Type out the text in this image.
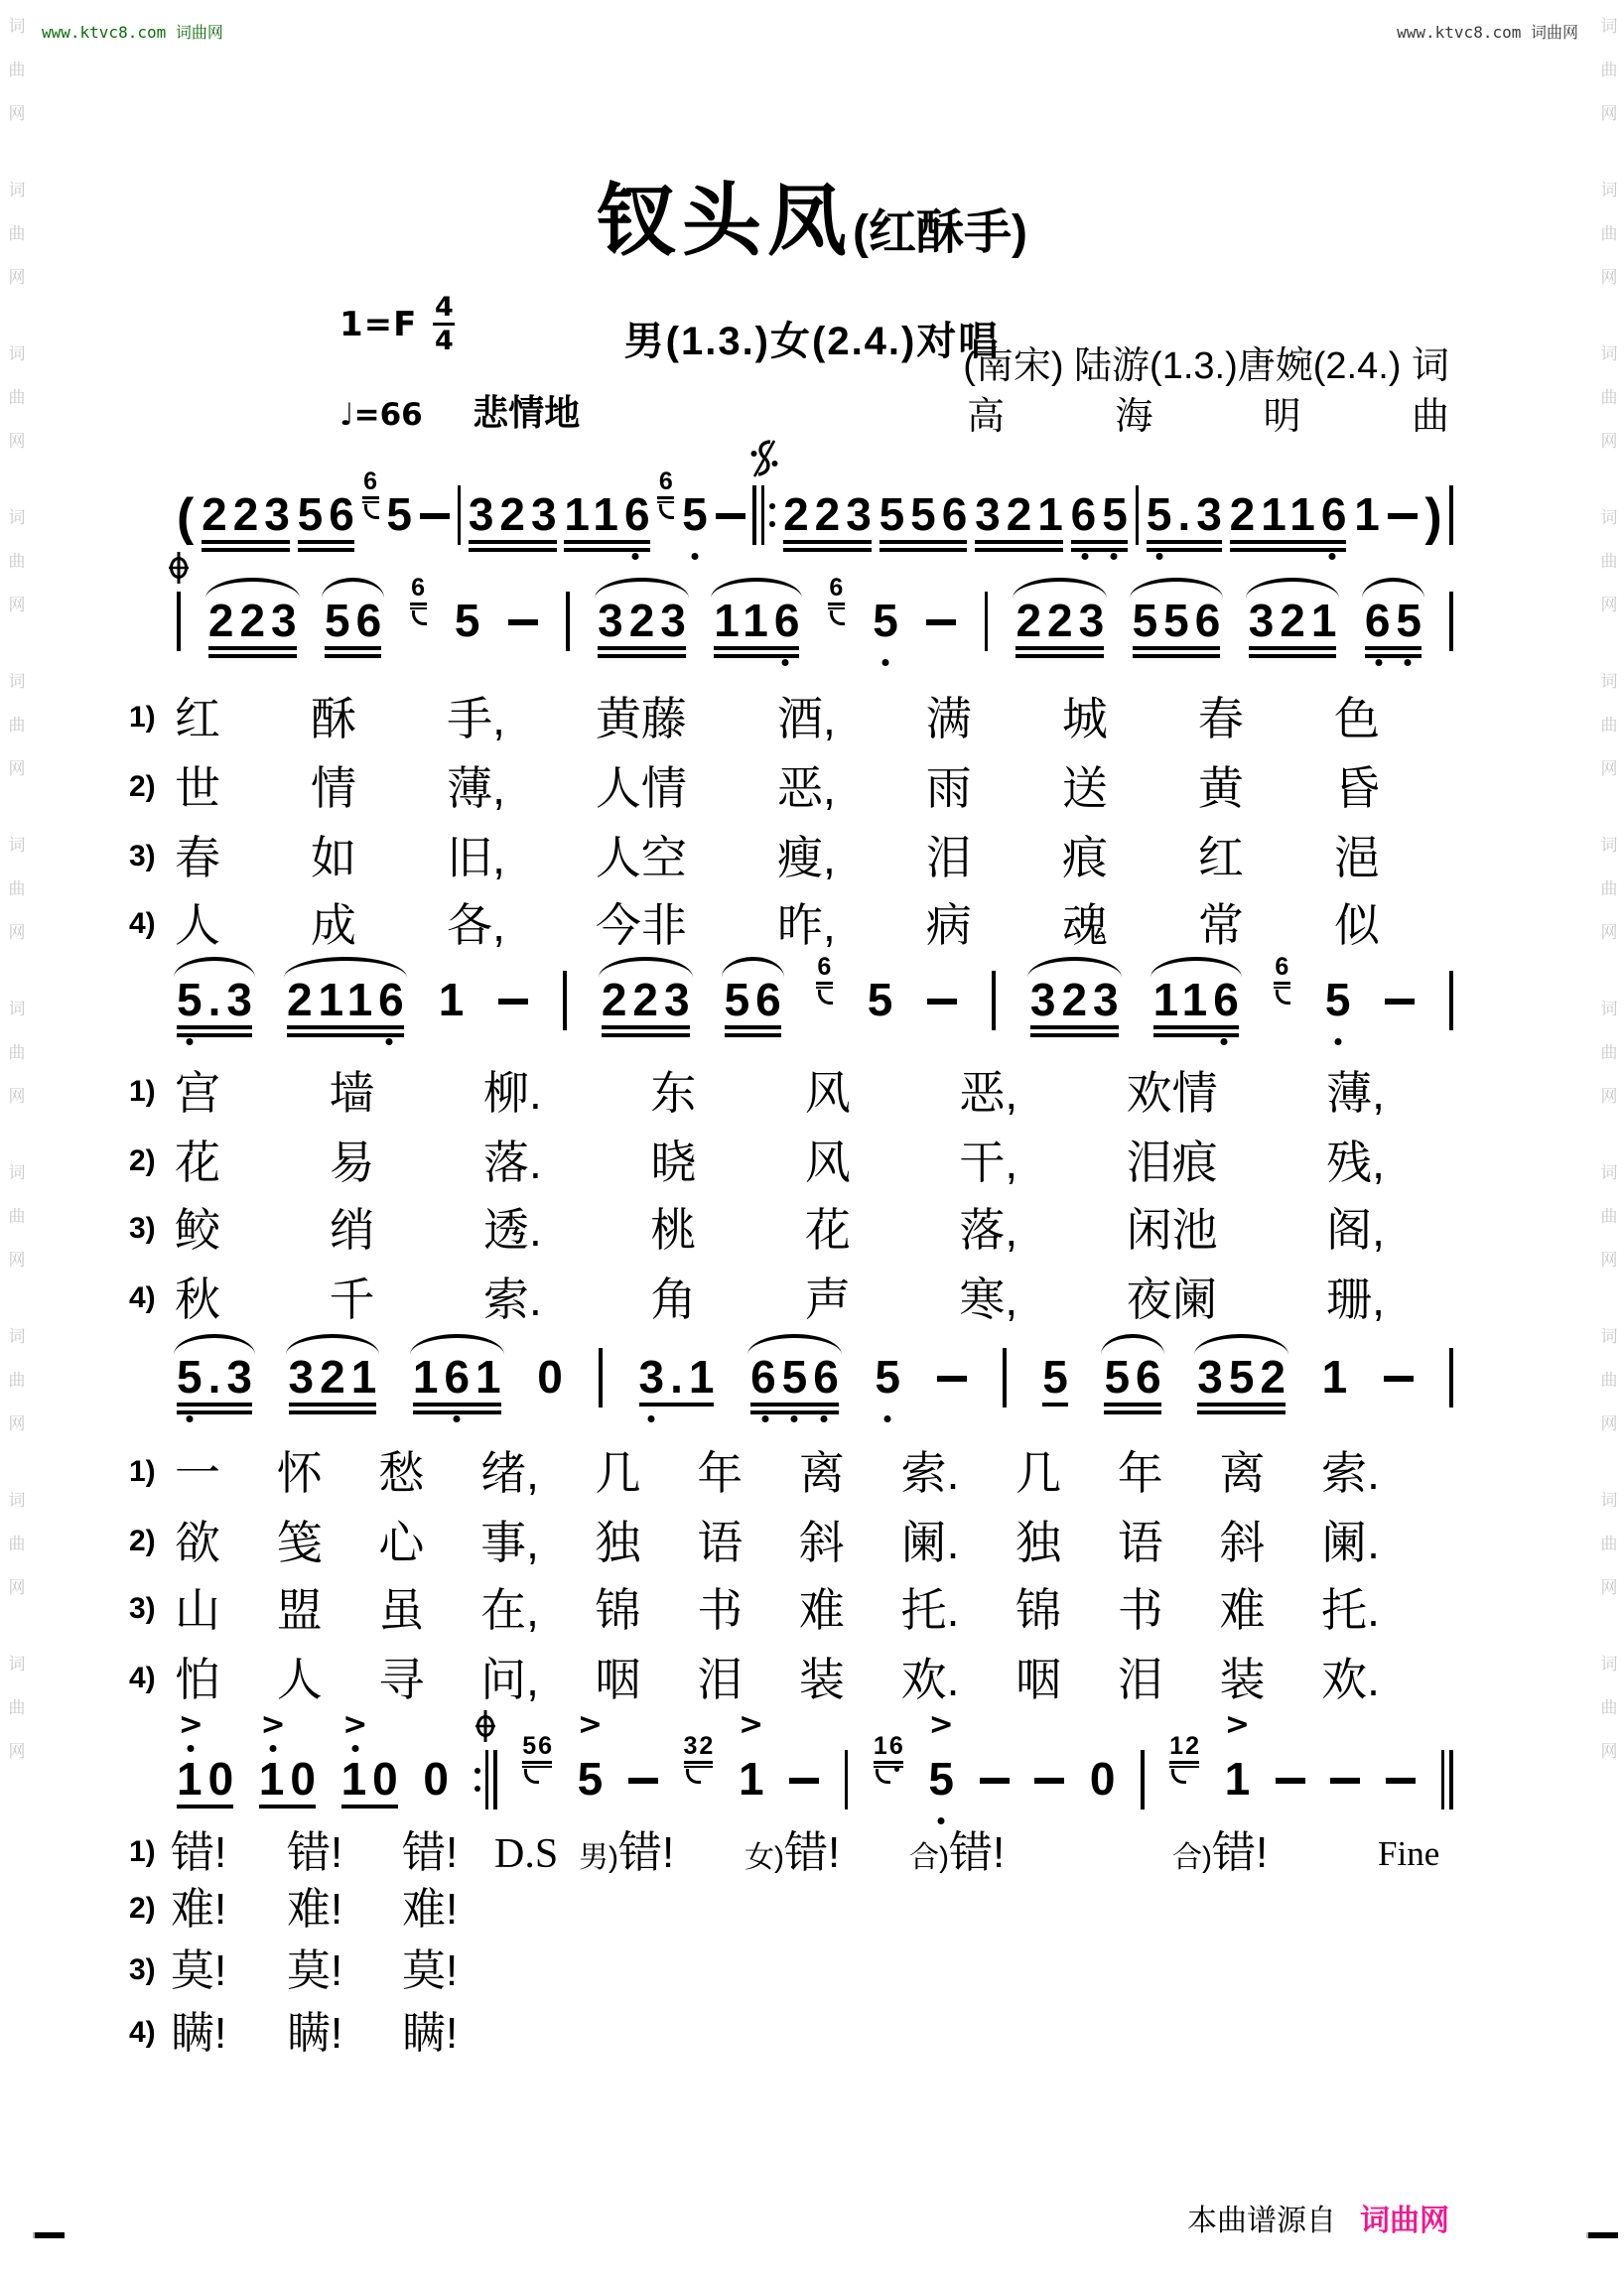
词
曲
网
词
曲
网
词
曲
网
词
曲
网
词
曲
网
词
曲
网
词
曲
网
词
曲
网
词
曲
网
词
曲
网
词
曲
网
词
曲
网
词
曲
网
词
曲
网
词
曲
网
词
曲
网
词
曲
网
词
曲
网
词
曲
网
词
曲
网
词
曲
网
词
曲
网
www.ktvc8.com 词曲网	www.ktvc8.com 词曲网
钗头凤(红酥手)
男(1.3.)女(2.4.)对唱
$1=F \frac{4}{4}$
♩=66 悲情地
(南宋) 陆游(1.3.)唐婉(2.4.) 词
高	海	明	曲
( 223 56
6
5 323 116
6
5 223 556 321 65 5.3 2116 1 )
223 56
6
5 323 116
6
5 223 556 321 65
5.3 2116 1	223 56
6
5	323 116
6
5
5.3 321 161 0 3.1 656 5	5 56 352 1
10
>
10
>
10
>
0
56
5
>
32
1
>
16
5
>
0
12
1
>
1) 红 酥 手, 黄藤 酒, 满 城 春 色
2) 世 情 薄, 人情 恶, 雨 送 黄 昏
3) 春 如 旧, 人空 瘦, 泪 痕 红 浥
4) 人 成 各, 今非 昨, 病 魂 常 似
1) 宫 墙 柳. 东 风 恶, 欢情 薄,
2) 花 易 落. 晓 风 干, 泪痕 残,
3) 鲛 绡 透. 桃 花 落, 闲池 阁,
4) 秋 千 索. 角 声 寒, 夜阑 珊,
1) 一 怀 愁 绪, 几 年 离 索. 几 年 离 索.
2) 欲 笺 心 事, 独 语 斜 阑. 独 语 斜 阑.
3) 山 盟 虽 在, 锦 书 难 托. 锦 书 难 托.
4) 怕 人 寻 问, 咽 泪 装 欢. 咽 泪 装 欢.
1) 错! 错! 错! D.S 男)错! 女)错! 合)错!	合)错!	Fine
2) 难! 难! 难!
3) 莫! 莫! 莫!
4) 瞒! 瞒! 瞒!
本曲谱源自 词曲网
